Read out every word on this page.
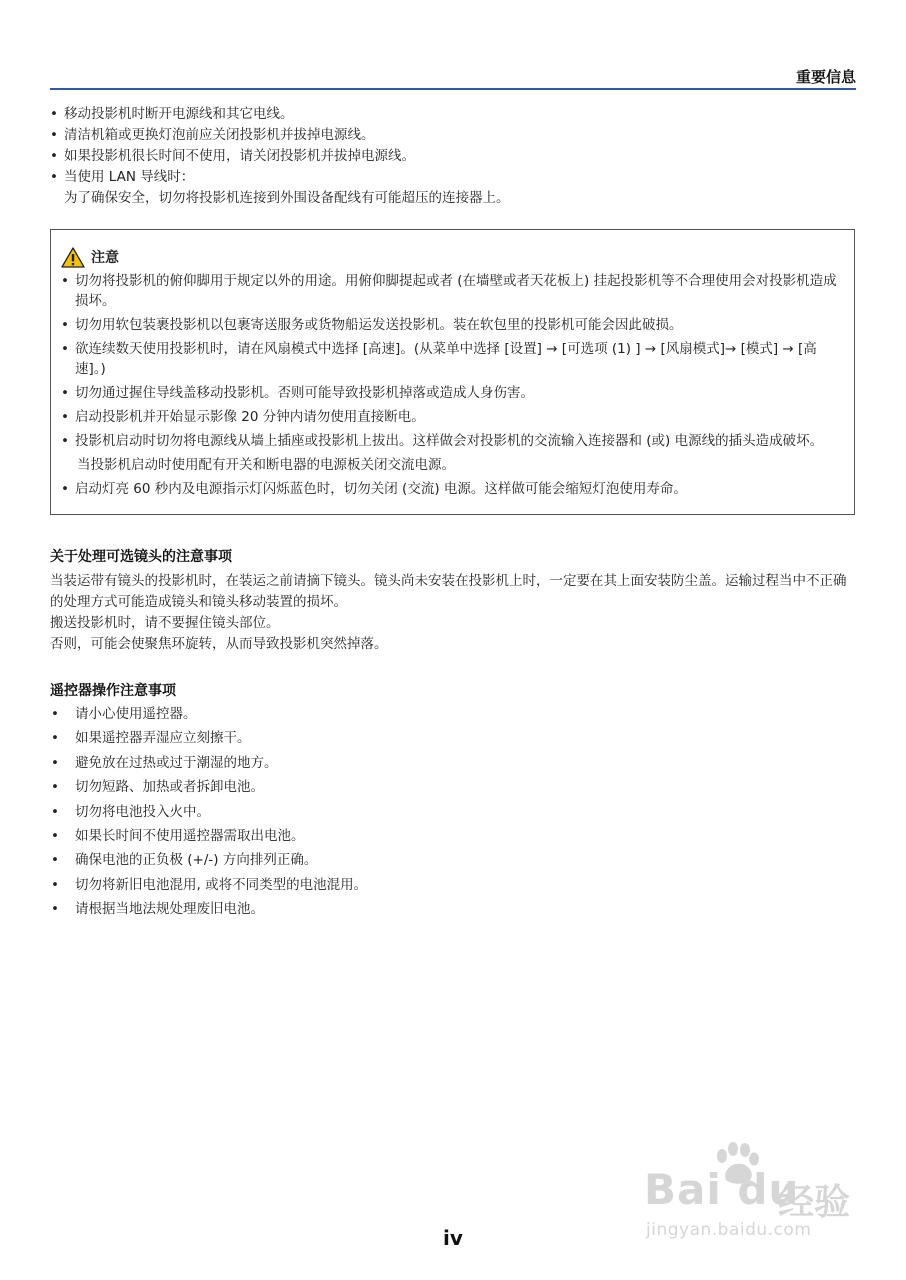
重要信息
• 移动投影机时断开电源线和其它电线。
• 清洁机箱或更换灯泡前应关闭投影机并拔掉电源线。
• 如果投影机很长时间不使用，请关闭投影机并拔掉电源线。
• 当使用 LAN 导线时：
为了确保安全，切勿将投影机连接到外围设备配线有可能超压的连接器上。
注意
• 切勿将投影机的俯仰脚用于规定以外的用途。用俯仰脚提起或者 (在墙壁或者天花板上) 挂起投影机等不合理使用会对投影机造成损坏。
• 切勿用软包装裹投影机以包裹寄送服务或货物船运发送投影机。装在软包里的投影机可能会因此破损。
• 欲连续数天使用投影机时，请在风扇模式中选择 [高速]。(从菜单中选择 [设置] → [可选项 (1) ] → [风扇模式]→ [模式] → [高速]。)
• 切勿通过握住导线盖移动投影机。否则可能导致投影机掉落或造成人身伤害。
• 启动投影机并开始显示影像 20 分钟内请勿使用直接断电。
• 投影机启动时切勿将电源线从墙上插座或投影机上拔出。这样做会对投影机的交流输入连接器和 (或) 电源线的插头造成破坏。
当投影机启动时使用配有开关和断电器的电源板关闭交流电源。
• 启动灯亮 60 秒内及电源指示灯闪烁蓝色时，切勿关闭 (交流) 电源。这样做可能会缩短灯泡使用寿命。
关于处理可选镜头的注意事项

当装运带有镜头的投影机时，在装运之前请摘下镜头。镜头尚未安装在投影机上时，一定要在其上面安装防尘盖。运输过程当中不正确的处理方式可能造成镜头和镜头移动装置的损坏。

搬送投影机时，请不要握住镜头部位。

否则，可能会使聚焦环旋转，从而导致投影机突然掉落。

遥控器操作注意事项
• 请小心使用遥控器。
• 如果遥控器弄湿应立刻擦干。
• 避免放在过热或过于潮湿的地方。
• 切勿短路、加热或者拆卸电池。
• 切勿将电池投入火中。
• 如果长时间不使用遥控器需取出电池。
• 确保电池的正负极 (+/-) 方向排列正确。
• 切勿将新旧电池混用, 或将不同类型的电池混用。
• 请根据当地法规处理废旧电池。
Bai du
经验
jingyan.baidu.com
iv
